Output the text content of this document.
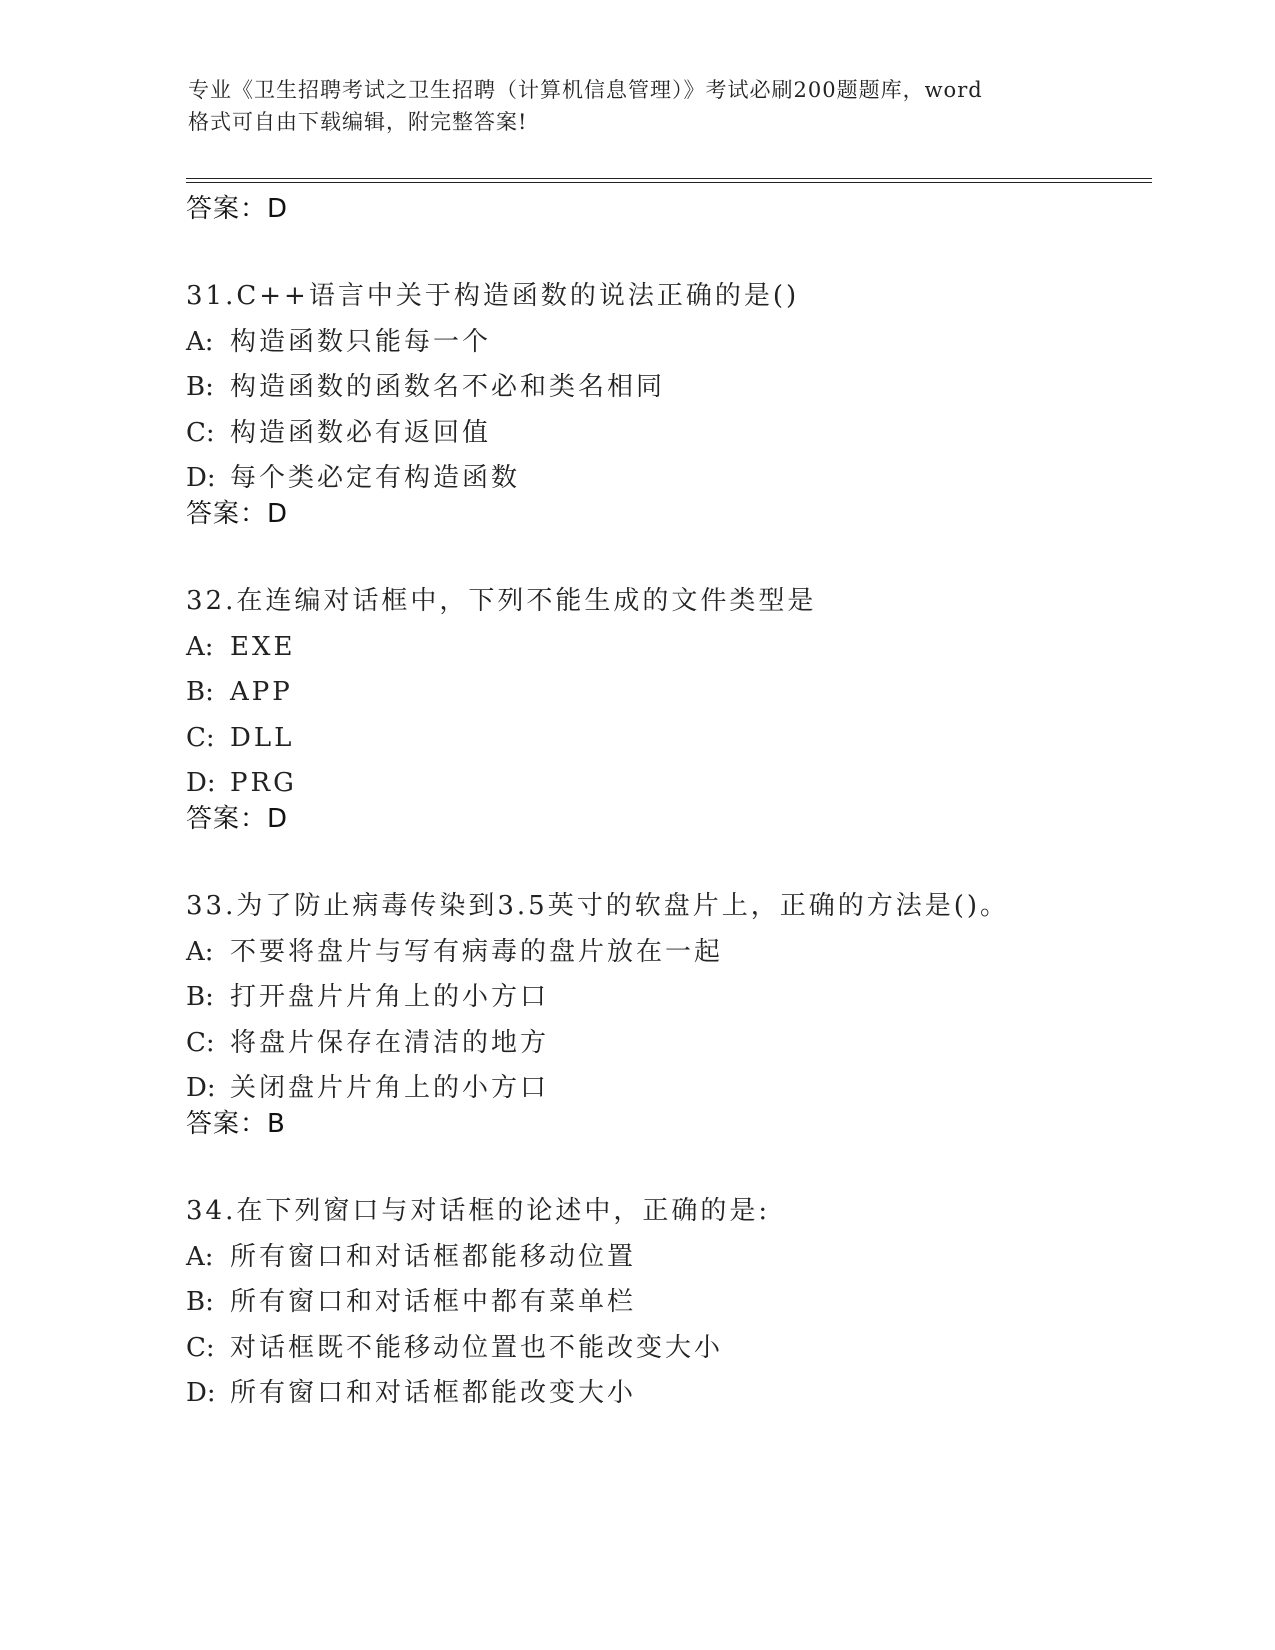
专业《卫生招聘考试之卫生招聘（计算机信息管理）》考试必刷200题题库，word
格式可自由下载编辑，附完整答案!
答案：D
31.C++语言中关于构造函数的说法正确的是()
A: 构造函数只能每一个
B: 构造函数的函数名不必和类名相同
C: 构造函数必有返回值
D: 每个类必定有构造函数
答案：D
32.在连编对话框中，下列不能生成的文件类型是
A: EXE
B: APP
C: DLL
D: PRG
答案：D
33.为了防止病毒传染到3.5英寸的软盘片上，正确的方法是()。
A: 不要将盘片与写有病毒的盘片放在一起
B: 打开盘片片角上的小方口
C: 将盘片保存在清洁的地方
D: 关闭盘片片角上的小方口
答案：B
34.在下列窗口与对话框的论述中，正确的是:
A: 所有窗口和对话框都能移动位置
B: 所有窗口和对话框中都有菜单栏
C: 对话框既不能移动位置也不能改变大小
D: 所有窗口和对话框都能改变大小
